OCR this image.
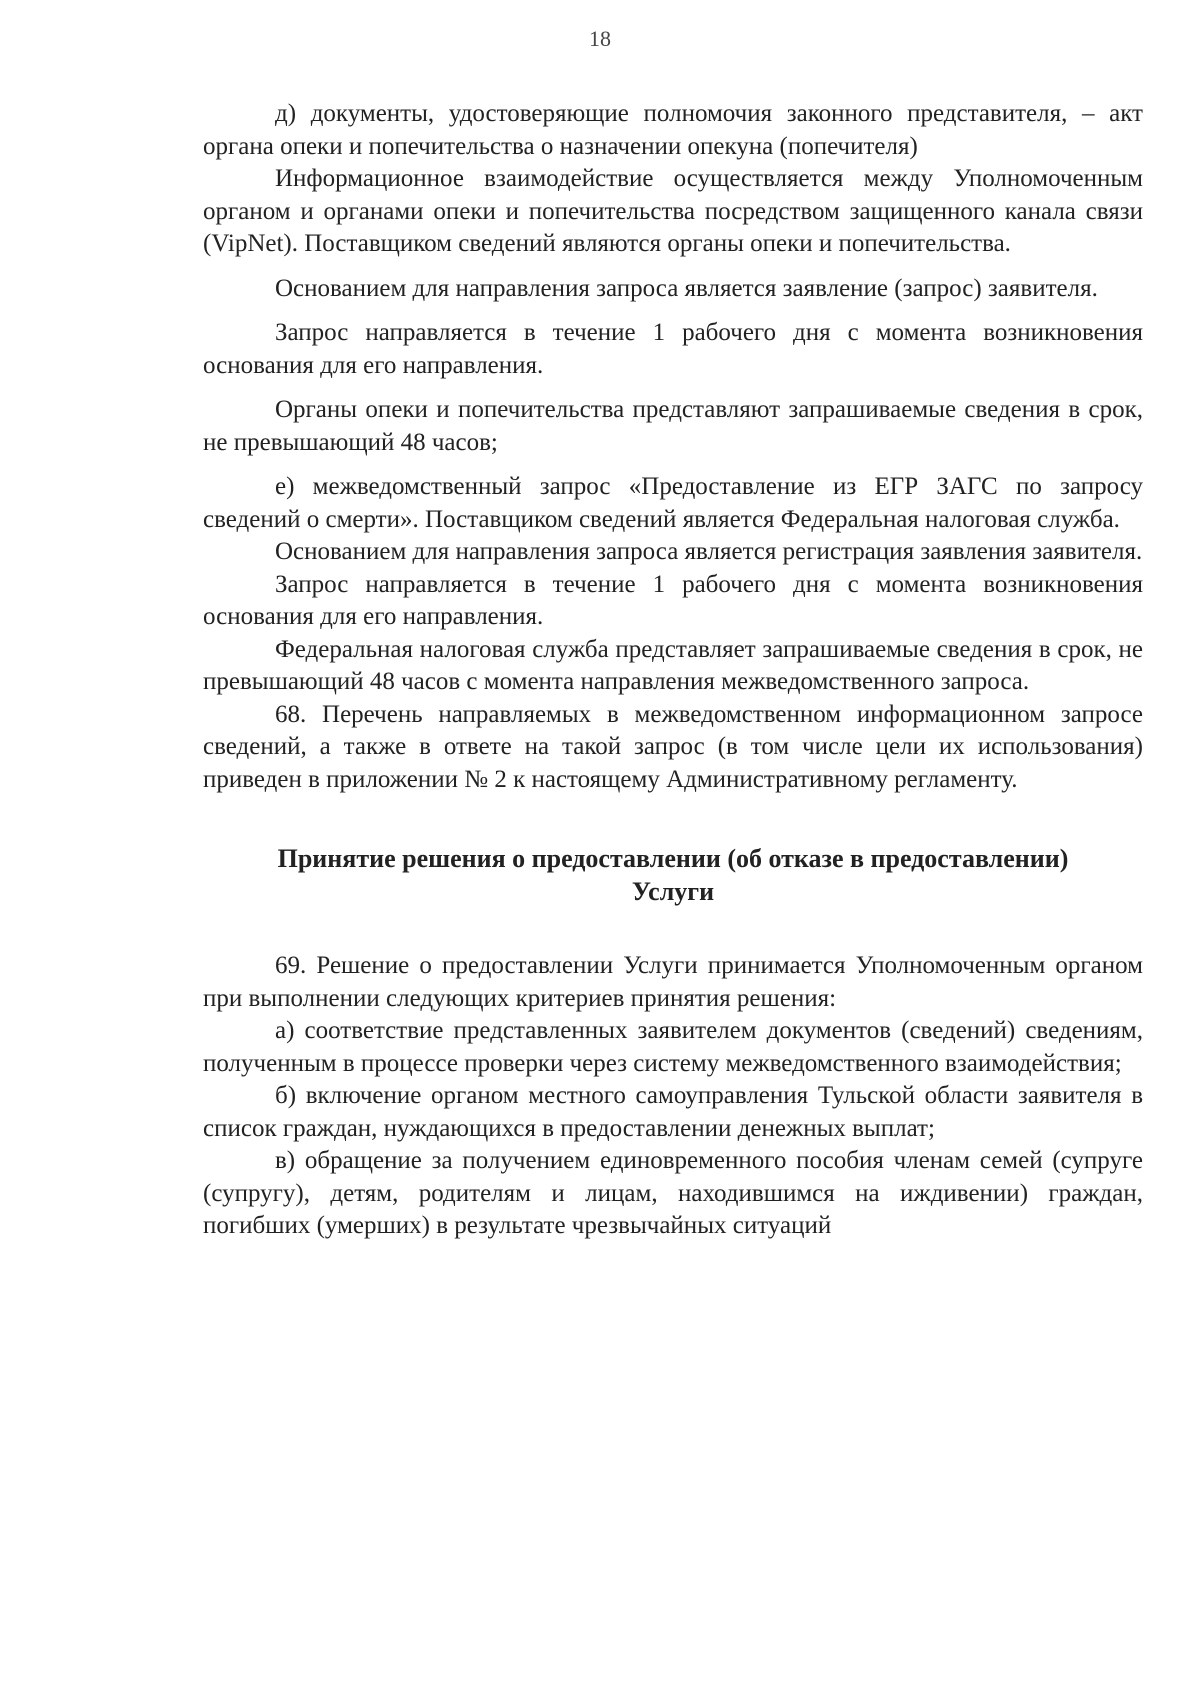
18

д) документы, удостоверяющие полномочия законного представителя, – акт органа опеки и попечительства о назначении опекуна (попечителя)

Информационное взаимодействие осуществляется между Уполномоченным органом и органами опеки и попечительства посредством защищенного канала связи (VipNet). Поставщиком сведений являются органы опеки и попечительства.

Основанием для направления запроса является заявление (запрос) заявителя.

Запрос направляется в течение 1 рабочего дня с момента возникновения основания для его направления.

Органы опеки и попечительства представляют запрашиваемые сведения в срок, не превышающий 48 часов;

е) межведомственный запрос «Предоставление из ЕГР ЗАГС по запросу сведений о смерти». Поставщиком сведений является Федеральная налоговая служба.

Основанием для направления запроса является регистрация заявления заявителя.

Запрос направляется в течение 1 рабочего дня с момента возникновения основания для его направления.

Федеральная налоговая служба представляет запрашиваемые сведения в срок, не превышающий 48 часов с момента направления межведомственного запроса.

68. Перечень направляемых в межведомственном информационном запросе сведений, а также в ответе на такой запрос (в том числе цели их использования) приведен в приложении № 2 к настоящему Административному регламенту.

Принятие решения о предоставлении (об отказе в предоставлении)
Услуги

69. Решение о предоставлении Услуги принимается Уполномоченным органом при выполнении следующих критериев принятия решения:

а) соответствие представленных заявителем документов (сведений) сведениям, полученным в процессе проверки через систему межведомственного взаимодействия;

б) включение органом местного самоуправления Тульской области заявителя в список граждан, нуждающихся в предоставлении денежных выплат;

в) обращение за получением единовременного пособия членам семей (супруге (супругу), детям, родителям и лицам, находившимся на иждивении) граждан, погибших (умерших) в результате чрезвычайных ситуаций
